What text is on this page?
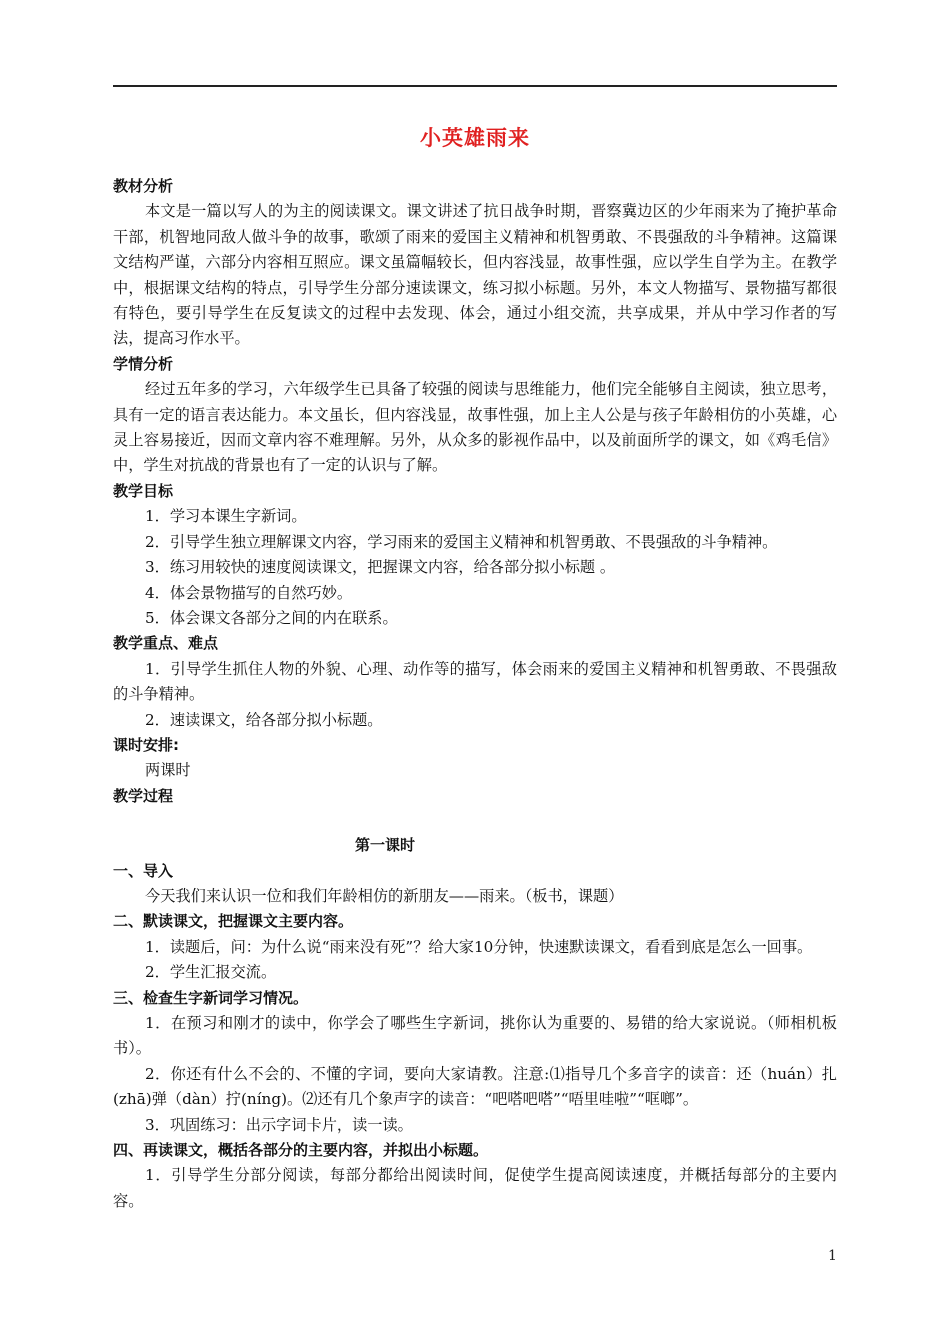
小英雄雨来
教材分析
本文是一篇以写人的为主的阅读课文。课文讲述了抗日战争时期，晋察冀边区的少年雨来为了掩护革命干部，机智地同敌人做斗争的故事，歌颂了雨来的爱国主义精神和机智勇敢、不畏强敌的斗争精神。这篇课文结构严谨，六部分内容相互照应。课文虽篇幅较长，但内容浅显，故事性强，应以学生自学为主。在教学中，根据课文结构的特点，引导学生分部分速读课文，练习拟小标题。另外，本文人物描写、景物描写都很有特色，要引导学生在反复读文的过程中去发现、体会，通过小组交流，共享成果，并从中学习作者的写法，提高习作水平。
学情分析
经过五年多的学习，六年级学生已具备了较强的阅读与思维能力，他们完全能够自主阅读，独立思考，具有一定的语言表达能力。本文虽长，但内容浅显，故事性强，加上主人公是与孩子年龄相仿的小英雄，心灵上容易接近，因而文章内容不难理解。另外，从众多的影视作品中，以及前面所学的课文，如《鸡毛信》中，学生对抗战的背景也有了一定的认识与了解。
教学目标
1．学习本课生字新词。
2．引导学生独立理解课文内容，学习雨来的爱国主义精神和机智勇敢、不畏强敌的斗争精神。
3．练习用较快的速度阅读课文，把握课文内容，给各部分拟小标题 。
4．体会景物描写的自然巧妙。
5．体会课文各部分之间的内在联系。
教学重点、难点
1．引导学生抓住人物的外貌、心理、动作等的描写，体会雨来的爱国主义精神和机智勇敢、不畏强敌的斗争精神。
2．速读课文，给各部分拟小标题。
课时安排:
两课时
教学过程
第一课时
一、导入
今天我们来认识一位和我们年龄相仿的新朋友——雨来。（板书，课题）
二、默读课文，把握课文主要内容。
1．读题后，问：为什么说“雨来没有死”？给大家10分钟，快速默读课文，看看到底是怎么一回事。
2．学生汇报交流。
三、检查生字新词学习情况。
1．在预习和刚才的读中，你学会了哪些生字新词，挑你认为重要的、易错的给大家说说。（师相机板书）。
2．你还有什么不会的、不懂的字词，要向大家请教。注意:⑴指导几个多音字的读音：还（huán）扎(zhā)弹（dàn）拧(níng)。⑵还有几个象声字的读音：“吧嗒吧嗒”“唔里哇啦”“哐啷”。
3．巩固练习：出示字词卡片，读一读。
四、再读课文，概括各部分的主要内容，并拟出小标题。
1．引导学生分部分阅读，每部分都给出阅读时间，促使学生提高阅读速度，并概括每部分的主要内容。
1
